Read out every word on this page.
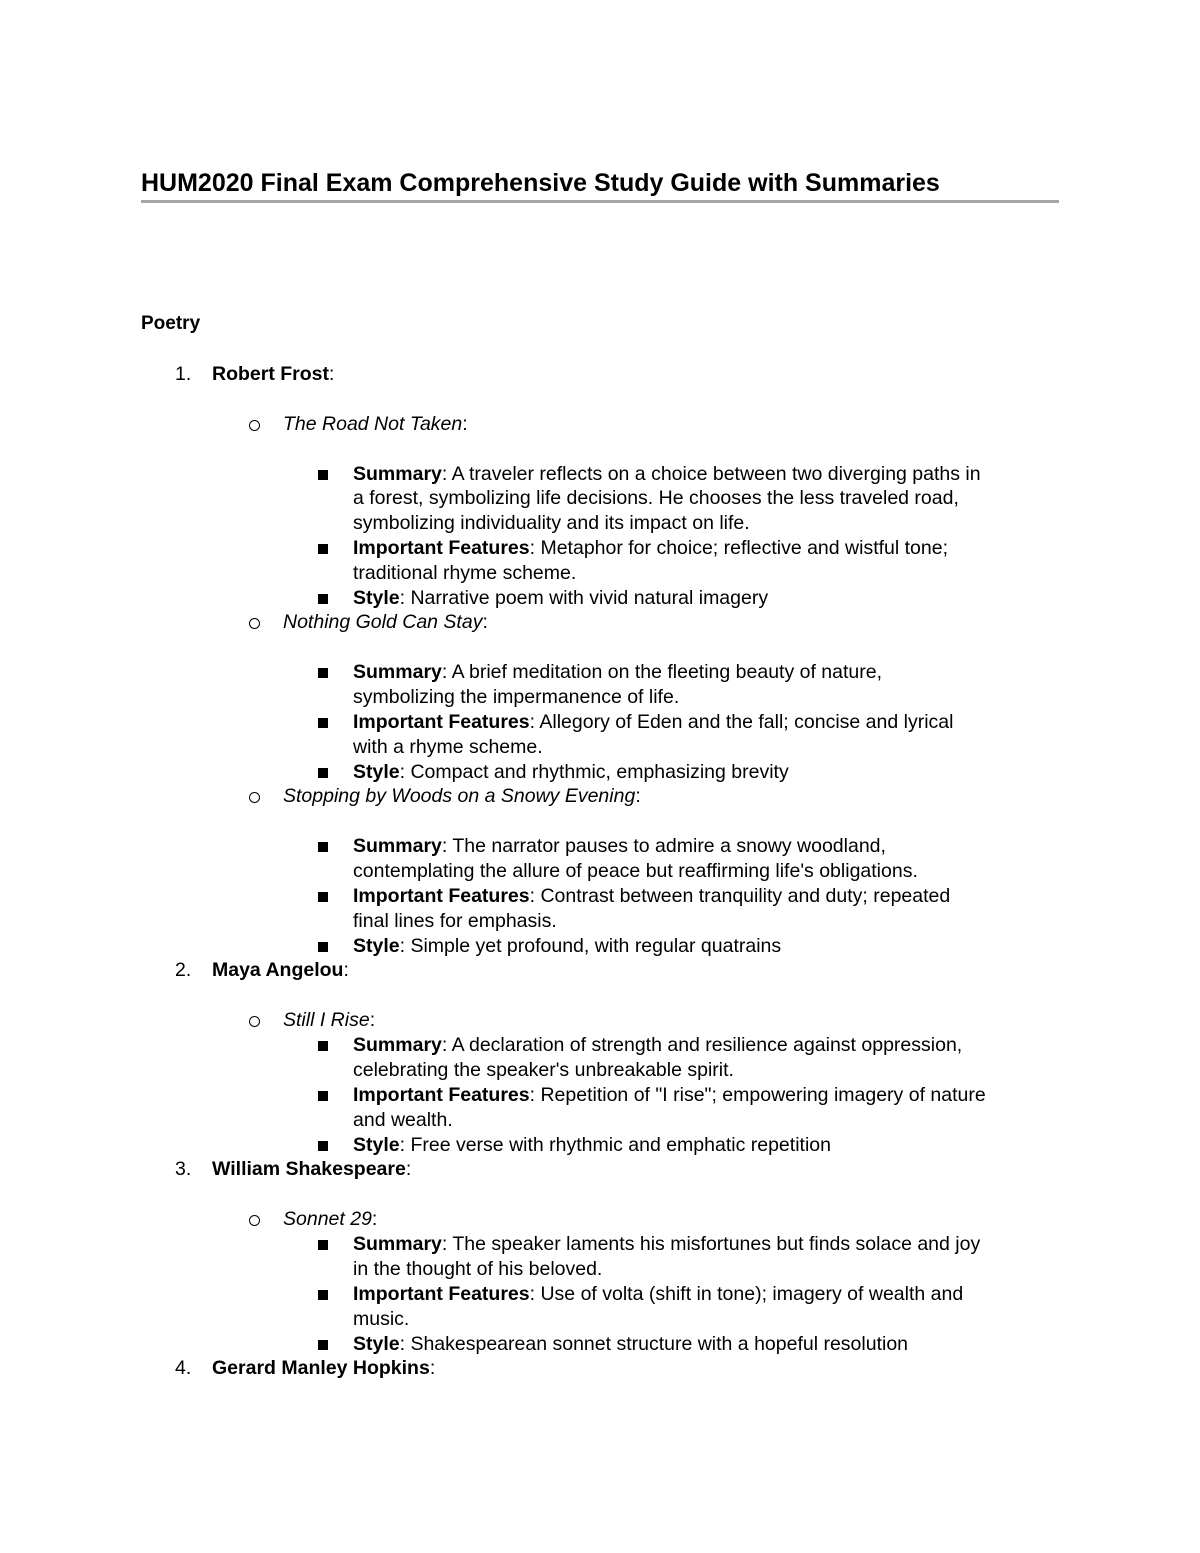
HUM2020 Final Exam Comprehensive Study Guide with Summaries
Poetry
1. Robert Frost:
The Road Not Taken:
Summary: A traveler reflects on a choice between two diverging paths in
a forest, symbolizing life decisions. He chooses the less traveled road,
symbolizing individuality and its impact on life.
Important Features: Metaphor for choice; reflective and wistful tone;
traditional rhyme scheme.
Style: Narrative poem with vivid natural imagery
Nothing Gold Can Stay:
Summary: A brief meditation on the fleeting beauty of nature,
symbolizing the impermanence of life.
Important Features: Allegory of Eden and the fall; concise and lyrical
with a rhyme scheme.
Style: Compact and rhythmic, emphasizing brevity
Stopping by Woods on a Snowy Evening:
Summary: The narrator pauses to admire a snowy woodland,
contemplating the allure of peace but reaffirming life's obligations.
Important Features: Contrast between tranquility and duty; repeated
final lines for emphasis.
Style: Simple yet profound, with regular quatrains
2. Maya Angelou:
Still I Rise:
Summary: A declaration of strength and resilience against oppression,
celebrating the speaker's unbreakable spirit.
Important Features: Repetition of "I rise"; empowering imagery of nature
and wealth.
Style: Free verse with rhythmic and emphatic repetition
3. William Shakespeare:
Sonnet 29:
Summary: The speaker laments his misfortunes but finds solace and joy
in the thought of his beloved.
Important Features: Use of volta (shift in tone); imagery of wealth and
music.
Style: Shakespearean sonnet structure with a hopeful resolution
4. Gerard Manley Hopkins:
